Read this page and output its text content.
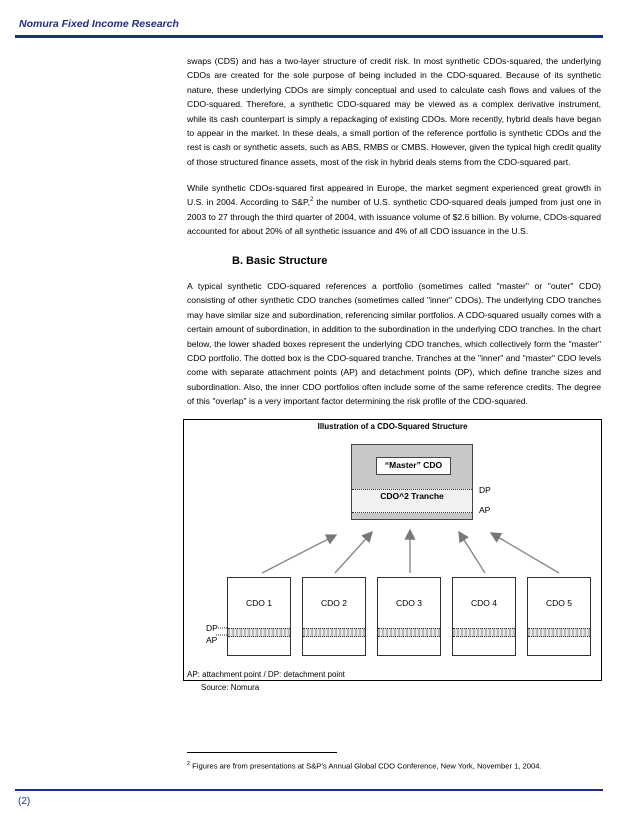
Nomura Fixed Income Research

swaps (CDS) and has a two-layer structure of credit risk. In most synthetic CDOs-squared, the underlying CDOs are created for the sole purpose of being included in the CDO-squared. Because of its synthetic nature, these underlying CDOs are simply conceptual and used to calculate cash flows and values of the CDO-squared. Therefore, a synthetic CDO-squared may be viewed as a complex derivative instrument, while its cash counterpart is simply a repackaging of existing CDOs. More recently, hybrid deals have began to appear in the market. In these deals, a small portion of the reference portfolio is synthetic CDOs and the rest is cash or synthetic assets, such as ABS, RMBS or CMBS. However, given the typical high credit quality of those structured finance assets, most of the risk in hybrid deals stems from the CDO-squared part.

While synthetic CDOs-squared first appeared in Europe, the market segment experienced great growth in U.S. in 2004. According to S&P,$^2$ the number of U.S. synthetic CDO-squared deals jumped from just one in 2003 to 27 through the third quarter of 2004, with issuance volume of $2.6 billion. By volume, CDOs-squared accounted for about 20% of all synthetic issuance and 4% of all CDO issuance in the U.S.

B. Basic Structure

A typical synthetic CDO-squared references a portfolio (sometimes called "master" or "outer" CDO) consisting of other synthetic CDO tranches (sometimes called "inner" CDOs). The underlying CDO tranches may have similar size and subordination, referencing similar portfolios. A CDO-squared usually comes with a certain amount of subordination, in addition to the subordination in the underlying CDO tranches. In the chart below, the lower shaded boxes represent the underlying CDO tranches, which collectively form the "master" CDO portfolio. The dotted box is the CDO-squared tranche. Tranches at the "inner" and "master" CDO levels come with separate attachment points (AP) and detachment points (DP), which define tranche sizes and subordination. Also, the inner CDO portfolios often include some of the same reference credits. The degree of this "overlap" is a very important factor determining the risk profile of the CDO-squared.

Illustration of a CDO-Squared Structure
“Master” CDO
CDO^2 Tranche
DP
AP
CDO 1	CDO 2	CDO 3	CDO 4	CDO 5
DP
AP
AP: attachment point / DP: detachment point
Source: Nomura
$^2$ Figures are from presentations at S&P’s Annual Global CDO Conference, New York, November 1, 2004.
(2)
